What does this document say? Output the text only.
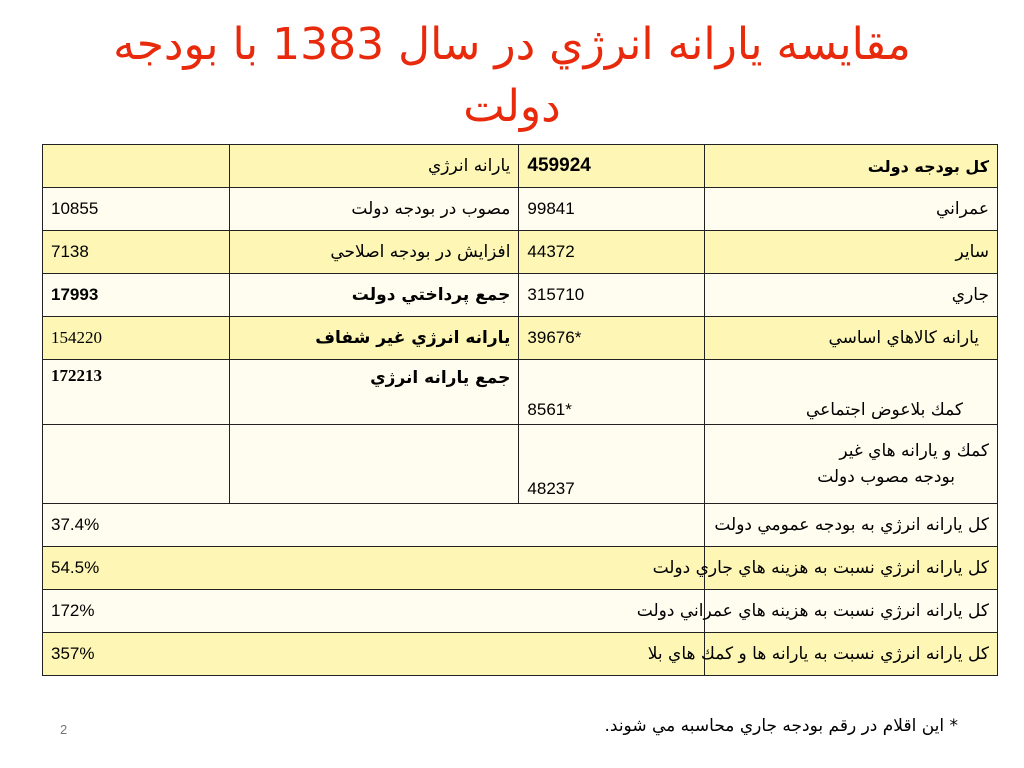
مقايسه يارانه انرژي در سال 1383 با بودجه
دولت
كل بودجه دولت	459924	يارانه انرژي	
عمراني	99841	مصوب در بودجه دولت	10855
ساير	44372	افزايش در بودجه اصلاحي	7138
جاري	315710	جمع پرداختي دولت	17993
يارانه كالاهاي اساسي	*39676	يارانه انرژي غير شفاف	154220
كمك بلاعوض اجتماعي	*8561	جمع يارانه انرژي	172213

كمك و يارانه هاي غير
بودجه مصوب دولت	48237		
كل يارانه انرژي به بودجه عمومي دولت	37.4%		
كل يارانه انرژي نسبت به هزينه هاي جاري دولت	54.5%		
كل يارانه انرژي نسبت به هزينه هاي عمراني دولت	172%		
كل يارانه انرژي نسبت به يارانه ها و كمك هاي بلا	357%		
* اين اقلام در رقم بودجه جاري محاسبه مي شوند.
2
